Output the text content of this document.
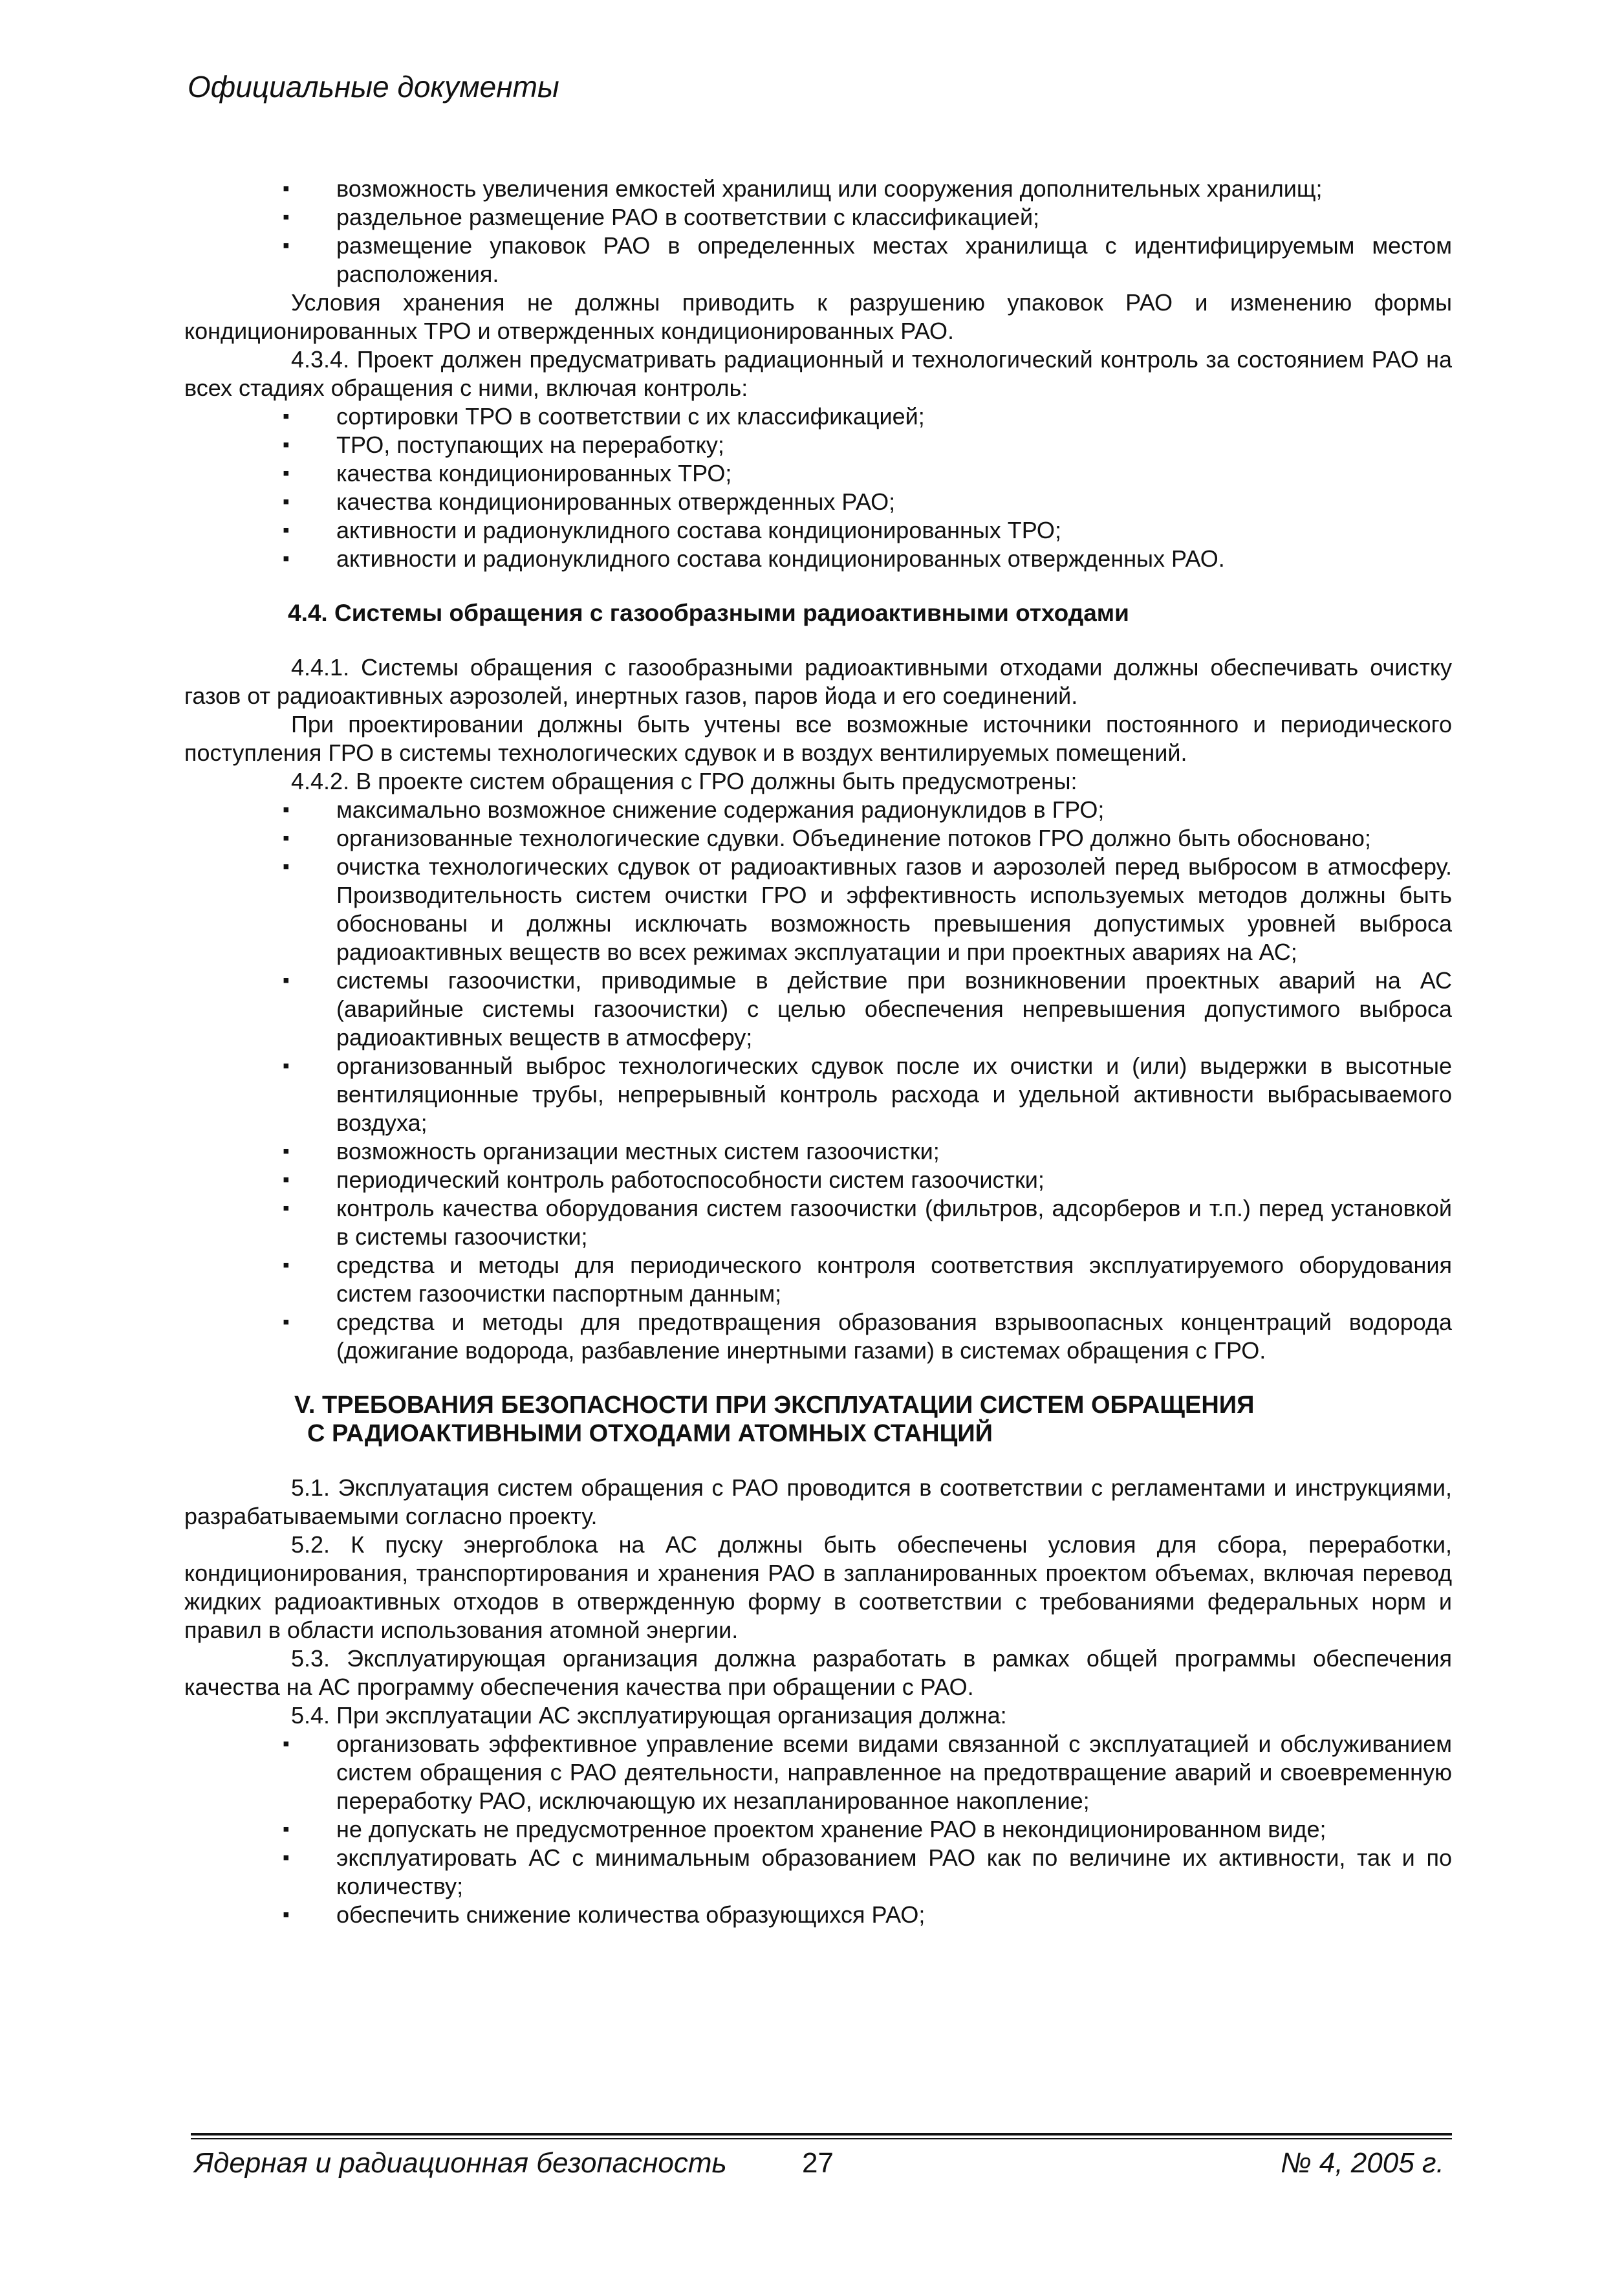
Официальные документы
▪ возможность увеличения емкостей хранилищ или сооружения дополнительных хранилищ;
▪ раздельное размещение РАО в соответствии с классификацией;
▪ размещение упаковок РАО в определенных местах хранилища с идентифицируемым местом расположения.

Условия хранения не должны приводить к разрушению упаковок РАО и изменению формы кондиционированных ТРО и отвержденных кондиционированных РАО.

4.3.4. Проект должен предусматривать радиационный и технологический контроль за состоянием РАО на всех стадиях обращения с ними, включая контроль:

▪ сортировки ТРО в соответствии с их классификацией;
▪ ТРО, поступающих на переработку;
▪ качества кондиционированных ТРО;
▪ качества кондиционированных отвержденных РАО;
▪ активности и радионуклидного состава кондиционированных ТРО;
▪ активности и радионуклидного состава кондиционированных отвержденных РАО.
4.4. Системы обращения с газообразными радиоактивными отходами

4.4.1. Системы обращения с газообразными радиоактивными отходами должны обеспечивать очистку газов от радиоактивных аэрозолей, инертных газов, паров йода и его соединений.

При проектировании должны быть учтены все возможные источники постоянного и периодического поступления ГРО в системы технологических сдувок и в воздух вентилируемых помещений.

4.4.2. В проекте систем обращения с ГРО должны быть предусмотрены:

▪ максимально возможное снижение содержания радионуклидов в ГРО;
▪ организованные технологические сдувки. Объединение потоков ГРО должно быть обосновано;
▪ очистка технологических сдувок от радиоактивных газов и аэрозолей перед выбросом в атмосферу. Производительность систем очистки ГРО и эффективность используемых методов должны быть обоснованы и должны исключать возможность превышения допустимых уровней выброса радиоактивных веществ во всех режимах эксплуатации и при проектных авариях на АС;
▪ системы газоочистки, приводимые в действие при возникновении проектных аварий на АС (аварийные системы газоочистки) с целью обеспечения непревышения допустимого выброса радиоактивных веществ в атмосферу;
▪ организованный выброс технологических сдувок после их очистки и (или) выдержки в высотные вентиляционные трубы, непрерывный контроль расхода и удельной активности выбрасываемого воздуха;
▪ возможность организации местных систем газоочистки;
▪ периодический контроль работоспособности систем газоочистки;
▪ контроль качества оборудования систем газоочистки (фильтров, адсорберов и т.п.) перед установкой в системы газоочистки;
▪ средства и методы для периодического контроля соответствия эксплуатируемого оборудования систем газоочистки паспортным данным;
▪ средства и методы для предотвращения образования взрывоопасных концентраций водорода (дожигание водорода, разбавление инертными газами) в системах обращения с ГРО.
V. ТРЕБОВАНИЯ БЕЗОПАСНОСТИ ПРИ ЭКСПЛУАТАЦИИ СИСТЕМ ОБРАЩЕНИЯ
С РАДИОАКТИВНЫМИ ОТХОДАМИ АТОМНЫХ СТАНЦИЙ

5.1. Эксплуатация систем обращения с РАО проводится в соответствии с регламентами и инструкциями, разрабатываемыми согласно проекту.

5.2. К пуску энергоблока на АС должны быть обеспечены условия для сбора, переработки, кондиционирования, транспортирования и хранения РАО в запланированных проектом объемах, включая перевод жидких радиоактивных отходов в отвержденную форму в соответствии с требованиями федеральных норм и правил в области использования атомной энергии.

5.3. Эксплуатирующая организация должна разработать в рамках общей программы обеспечения качества на АС программу обеспечения качества при обращении с РАО.

5.4. При эксплуатации АС эксплуатирующая организация должна:

▪ организовать эффективное управление всеми видами связанной с эксплуатацией и обслуживанием систем обращения с РАО деятельности, направленное на предотвращение аварий и своевременную переработку РАО, исключающую их незапланированное накопление;
▪ не допускать не предусмотренное проектом хранение РАО в некондиционированном виде;
▪ эксплуатировать АС с минимальным образованием РАО как по величине их активности, так и по количеству;
▪ обеспечить снижение количества образующихся РАО;
Ядерная и радиационная безопасность	27	№ 4, 2005 г.
